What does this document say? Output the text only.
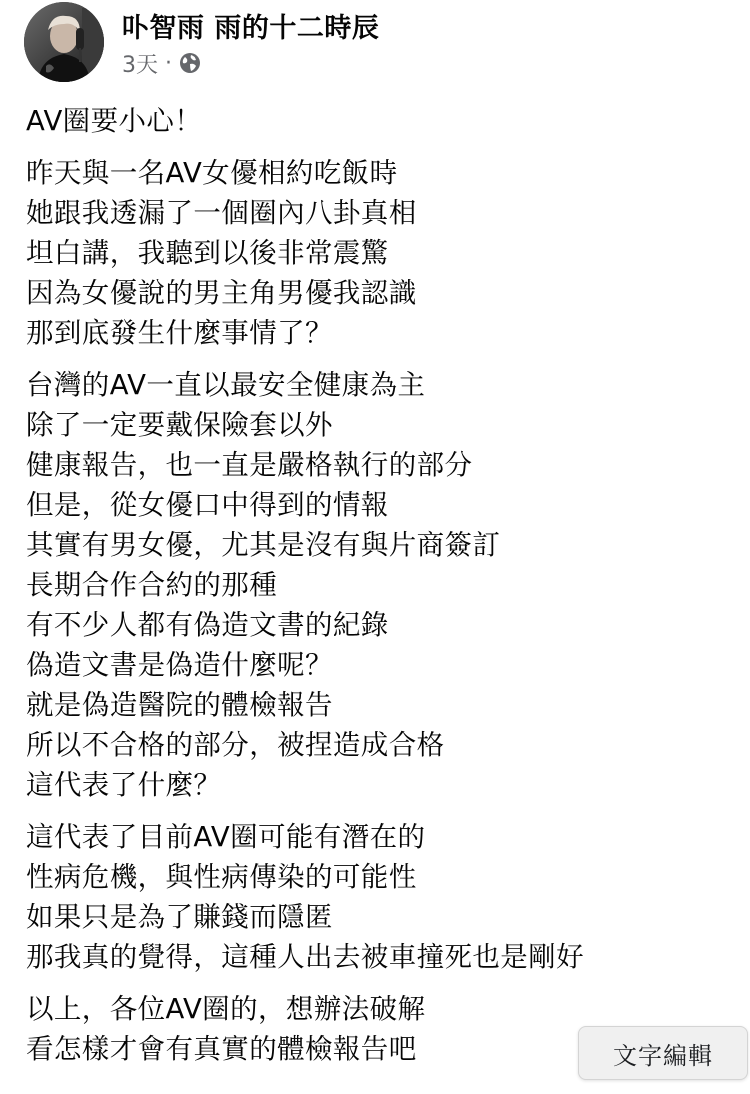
卟智雨 雨的十二時辰
3天 ·
AV圈要小心！
昨天與一名AV女優相約吃飯時
她跟我透漏了一個圈內八卦真相
坦白講，我聽到以後非常震驚
因為女優說的男主角男優我認識
那到底發生什麼事情了？
台灣的AV一直以最安全健康為主
除了一定要戴保險套以外
健康報告，也一直是嚴格執行的部分
但是，從女優口中得到的情報
其實有男女優，尤其是沒有與片商簽訂
長期合作合約的那種
有不少人都有偽造文書的紀錄
偽造文書是偽造什麼呢？
就是偽造醫院的體檢報告
所以不合格的部分，被捏造成合格
這代表了什麼？
這代表了目前AV圈可能有潛在的
性病危機，與性病傳染的可能性
如果只是為了賺錢而隱匿
那我真的覺得，這種人出去被車撞死也是剛好
以上，各位AV圈的，想辦法破解
看怎樣才會有真實的體檢報告吧	文字編輯
